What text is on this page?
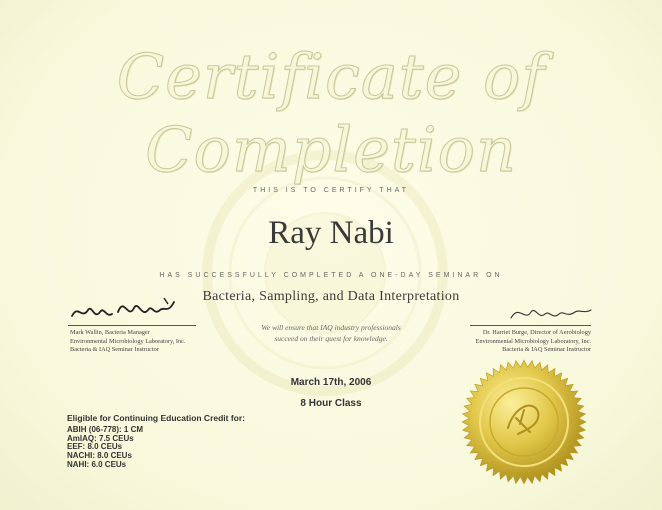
Certificate of Completion
THIS IS TO CERTIFY THAT
Ray Nabi
HAS SUCCESSFULLY COMPLETED A ONE-DAY SEMINAR ON
Bacteria, Sampling, and Data Interpretation
Mark Wallin, Bacteria Manager
Environmental Microbiology Laboratory, Inc.
Bacteria & IAQ Seminar Instructor
Dr. Harriet Burge, Director of Aerobiology
Environmental Microbiology Laboratory, Inc.
Bacteria & IAQ Seminar Instructor
We will ensure that IAQ industry professionals
succeed on their quest for knowledge.
March 17th, 2006
8 Hour Class
Eligible for Continuing Education Credit for:
ABIH (06-778): 1 CM
AmIAQ: 7.5 CEUs
EEF: 8.0 CEUs
NACHI: 8.0 CEUs
NAHI: 6.0 CEUs
